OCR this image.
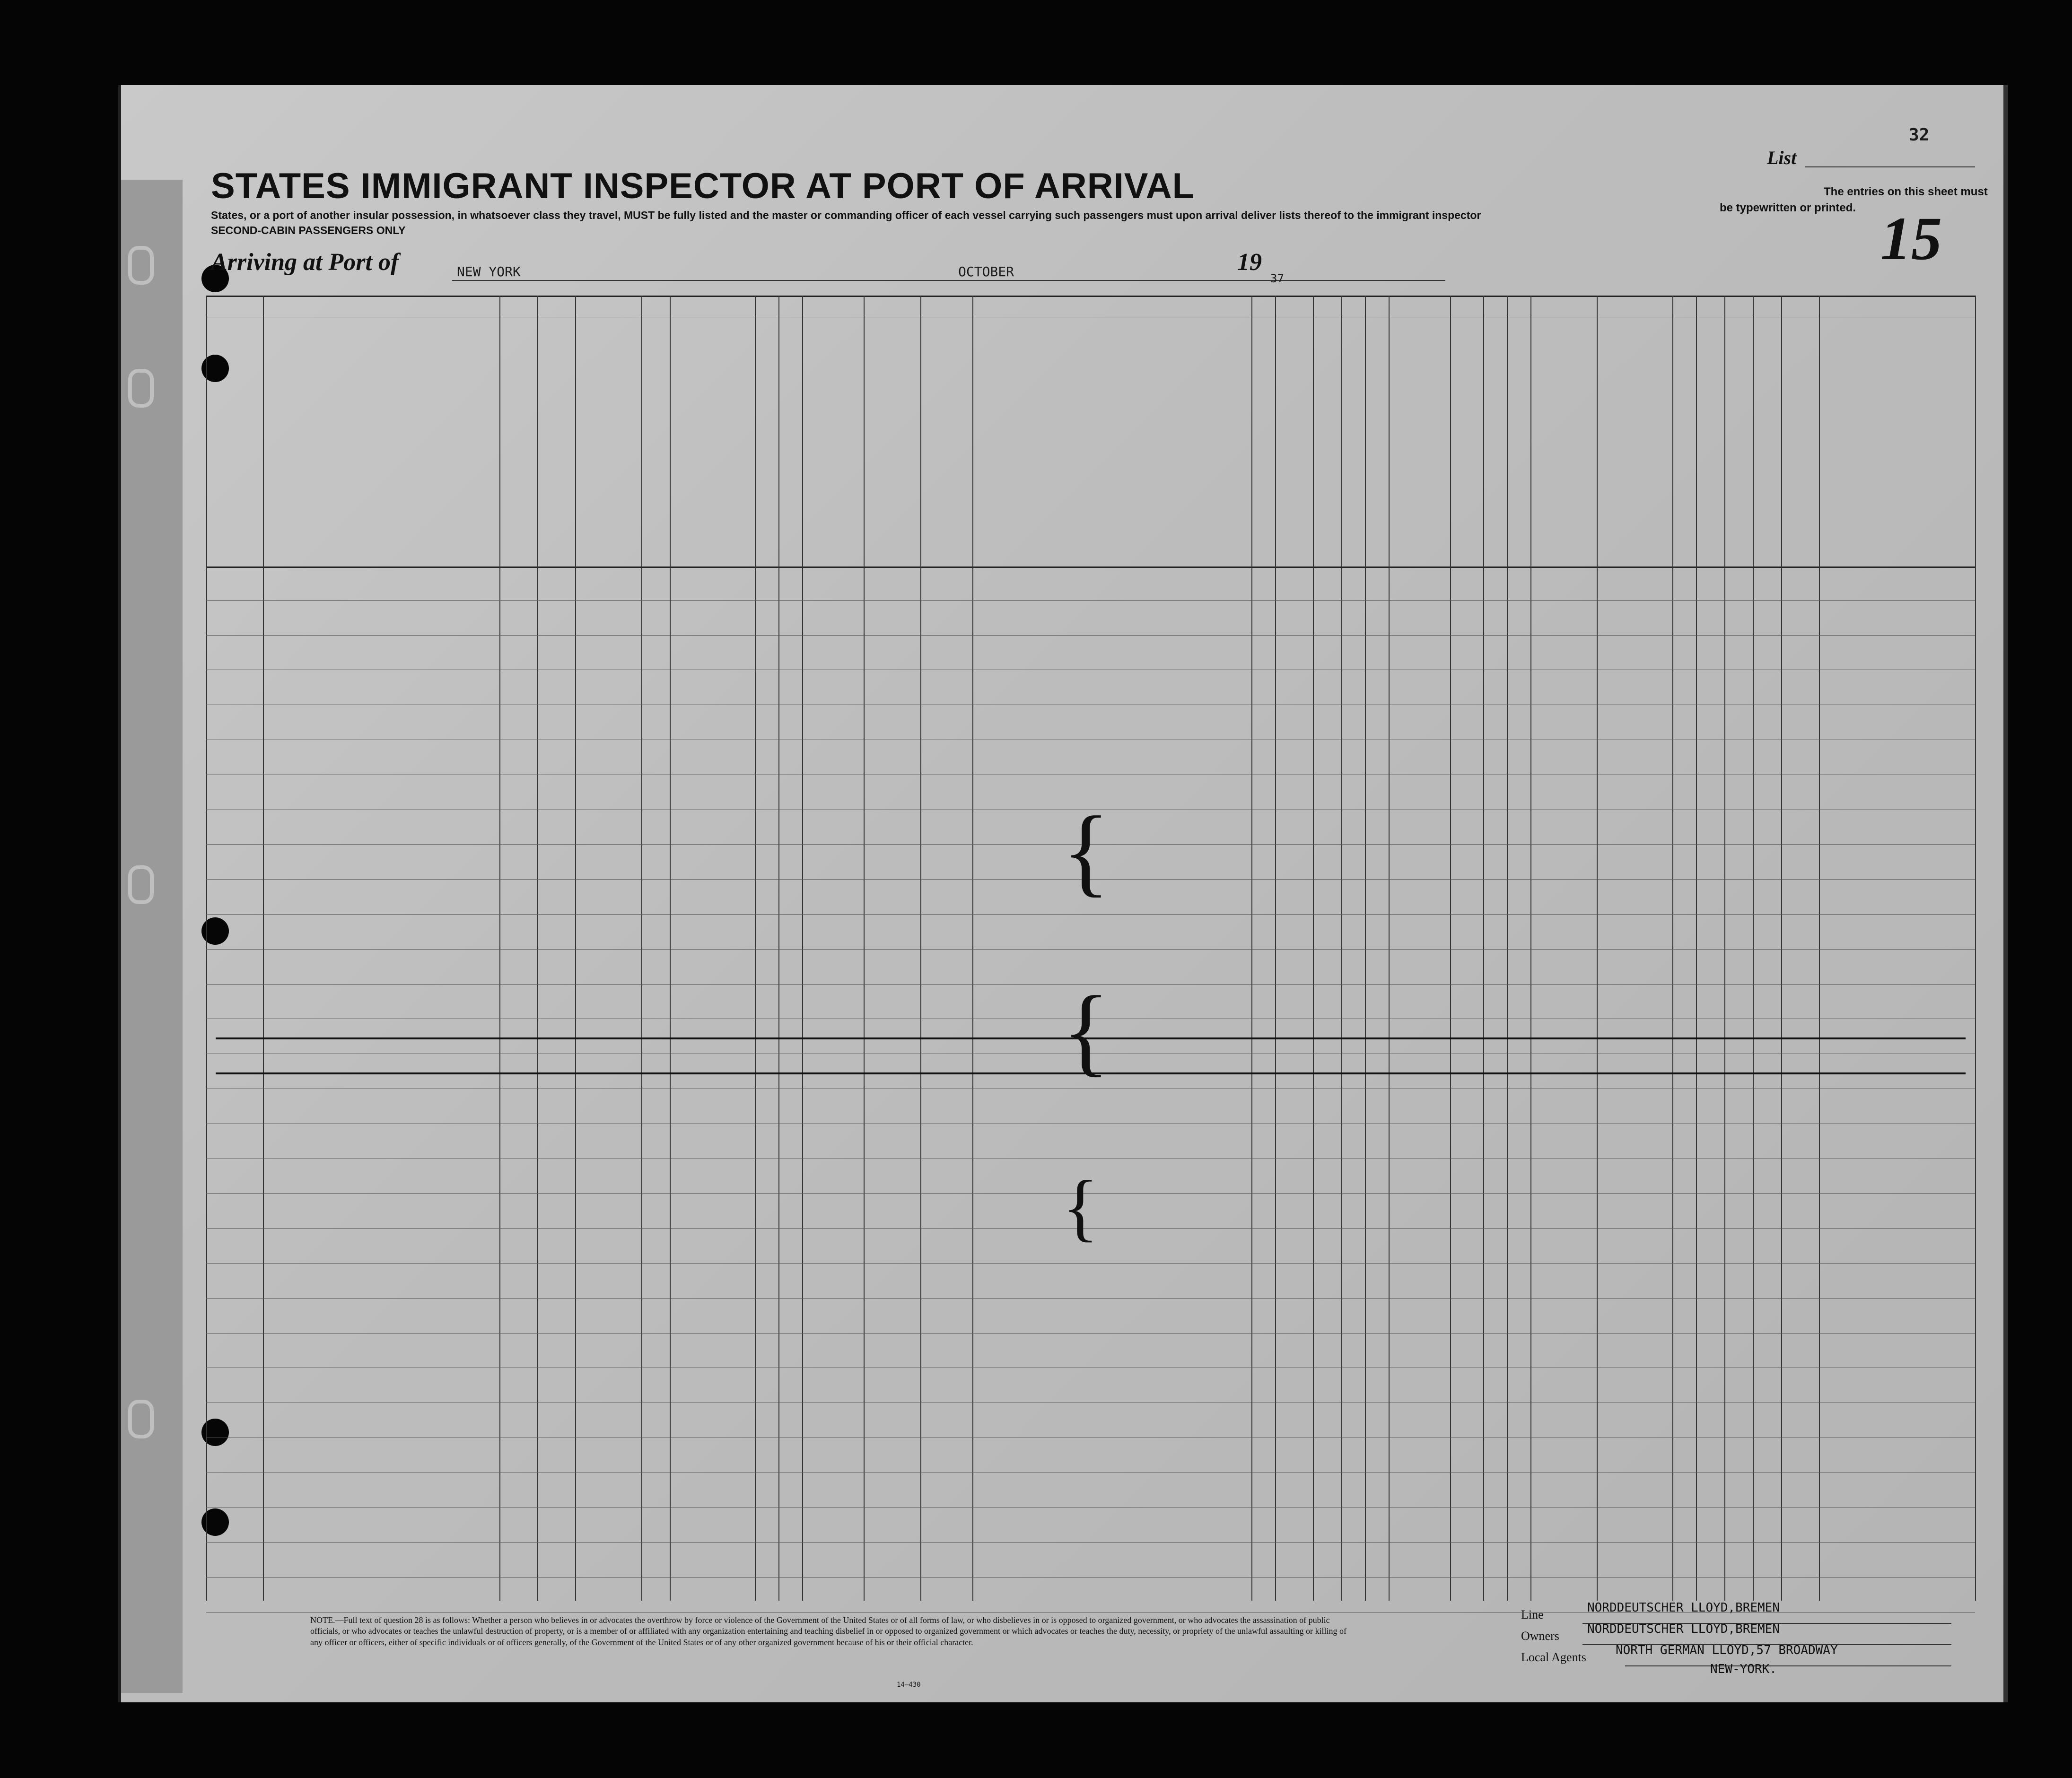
STATES IMMIGRANT INSPECTOR AT PORT OF ARRIVAL
States, or a port of another insular possession, in whatsoever class they travel, MUST be fully listed and the master or commanding officer of each vessel carrying such passengers must upon arrival deliver lists thereof to the immigrant inspector
SECOND-CABIN PASSENGERS ONLY
Arriving at Port of	NEW YORK	OCTOBER	19
37
List
32
The entries on this sheet must
be typewritten or printed. 15
NOTE.—Full text of question 28 is as follows: Whether a person who believes in or advocates the overthrow by force or violence of the Government of the United States or of all forms of law, or who disbelieves in or is opposed to organized government, or who advocates the assassination of public officials, or who advocates or teaches the unlawful destruction of property, or is a member of or affiliated with any organization entertaining and teaching disbelief in or opposed to organized government or which advocates or teaches the duty, necessity, or propriety of the unlawful assaulting or killing of any officer or officers, either of specific individuals or of officers generally, of the Government of the United States or of any other organized government because of his or their official character.
14—430
Line	NORDDEUTSCHER LLOYD,BREMEN
Owners NORDDEUTSCHER LLOYD,BREMEN
Local Agents NORTH GERMAN LLOYD,57 BROADWAY
NEW-YORK.
{
{
{
